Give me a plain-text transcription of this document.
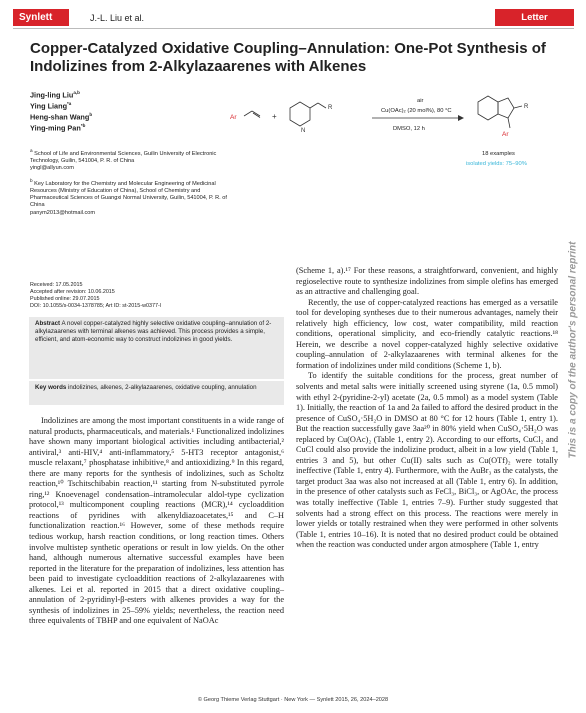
Synlett	J.-L. Liu et al.	Letter
Copper-Catalyzed Oxidative Coupling–Annulation: One-Pot Synthesis of Indolizines from 2-Alkylazaarenes with Alkenes
Jing-ling Liu$^{a,b}$
Ying Liang$^{*a}$
Heng-shan Wang$^b$
Ying-ming Pan$^{*b}$
$^a$ School of Life and Environmental Sciences, Guilin University of Electronic Technology, Guilin, 541004, P. R. of China
yingl@allyun.com
$^b$ Key Laboratory for the Chemistry and Molecular Engineering of Medicinal Resources (Ministry of Education of China), School of Chemistry and Pharmaceutical Sciences of Guangxi Normal University, Guilin, 541004, P. R. of China
panym2013@hotmail.com
Ar	+
N
R	R
Ar
air
Cu(OAc)₂ (20 mol%), 80 °C
DMSO, 12 h
18 examples
isolated yields: 75–90%
This is a copy of the author's personal reprint
Received: 17.05.2015
Accepted after revision: 10.06.2015
Published online: 29.07.2015
DOI: 10.1055/s-0034-1378785; Art ID: st-2015-w0377-l
Abstract A novel copper-catalyzed highly selective oxidative coupling–annulation of 2-alkylazaarenes with terminal alkenes was achieved. This process provides a simple, efficient, and atom-economic way to construct indolizines in good yields.
Key words indolizines, alkenes, 2-alkylazaarenes, oxidative coupling, annulation

Indolizines are among the most important constituents in a wide range of natural products, pharmaceuticals, and materials.¹ Functionalized indolizines have shown many important biological activities including antibacterial,² antiviral,³ anti-HIV,⁴ anti-inflammatory,⁵ 5-HT3 receptor antagonist,⁶ muscle relaxant,⁷ phosphatase inhibitive,⁸ and antioxidizing.⁹ In this regard, there are many reports for the synthesis of indolizines, such as Scholtz reaction,¹⁰ Tschitschibabin reaction,¹¹ starting from N-substituted pyrrole ring,¹² Knoevenagel condensation–intramolecular aldol-type cyclization protocol,¹³ multicomponent coupling reactions (MCR),¹⁴ cycloaddition reactions of pyridines with alkenyldiazoacetates,¹⁵ and C–H functionalization reaction.¹⁶ However, some of these methods require tedious workup, harsh reaction conditions, or long reaction times. Others involve multistep synthetic operations or result in low yields. On the other hand, although numerous alternative successful examples have been reported in the literature for the preparation of indolizines, less attention has been paid to investigate cycloaddition reactions of 2-alkylazaarenes with alkenes. Lei et al. reported in 2015 that a direct oxidative coupling–annulation of 2-pyridinyl-β-esters with alkenes provides a way for the synthesis of indolizines in 25–59% yields; nevertheless, the reaction need three equivalents of TBHP and one equivalent of NaOAc

(Scheme 1, a).¹⁷ For these reasons, a straightforward, convenient, and highly regioselective route to synthesize indolizines from simple olefins has emerged as an attractive and challenging goal.

Recently, the use of copper-catalyzed reactions has emerged as a versatile tool for developing syntheses due to their numerous advantages, namely their relatively high efficiency, low cost, water compatibility, mild reaction conditions, operational simplicity, and eco-friendly catalytic reactions.¹⁸ Herein, we describe a novel copper-catalyzed highly selective oxidative coupling–annulation of 2-alkylazaarenes with terminal alkenes for the formation of indolizines under mild conditions (Scheme 1, b).

To identify the suitable conditions for the process, great number of solvents and metal salts were initially screened using styrene (1a, 0.5 mmol) with ethyl 2-(pyridine-2-yl) acetate (2a, 0.5 mmol) as a model system (Table 1). Initially, the reaction of 1a and 2a failed to afford the desired product in the presence of CuSO₄·5H₂O in DMSO at 80 °C for 12 hours (Table 1, entry 1). But the reaction successfully gave 3aa²⁰ in 80% yield when CuSO₄·5H₂O was replaced by Cu(OAc)₂ (Table 1, entry 2). According to our efforts, CuCl₂ and CuCl could also provide the indolizine product, albeit in a low yield (Table 1, entries 3 and 5), but other Cu(II) salts such as Cu(OTf)₂ were totally ineffective (Table 1, entry 4). Furthermore, with the AuBr₃ as the catalysts, the target product 3aa was also not increased at all (Table 1, entry 6). In addition, in the presence of other catalysts such as FeCl₃, BiCl₃, or AgOAc, the process was totally ineffective (Table 1, entries 7–9). Further study suggested that solvents had a strong effect on this process. The reactions were merely in lower yields or totally restrained when they were performed in other solvents (Table 1, entries 10–16). It is noted that no desired product could be obtained when the reaction was conducted under argon atmosphere (Table 1, entry

© Georg Thieme Verlag Stuttgart · New York — Synlett 2015, 26, 2024–2028
